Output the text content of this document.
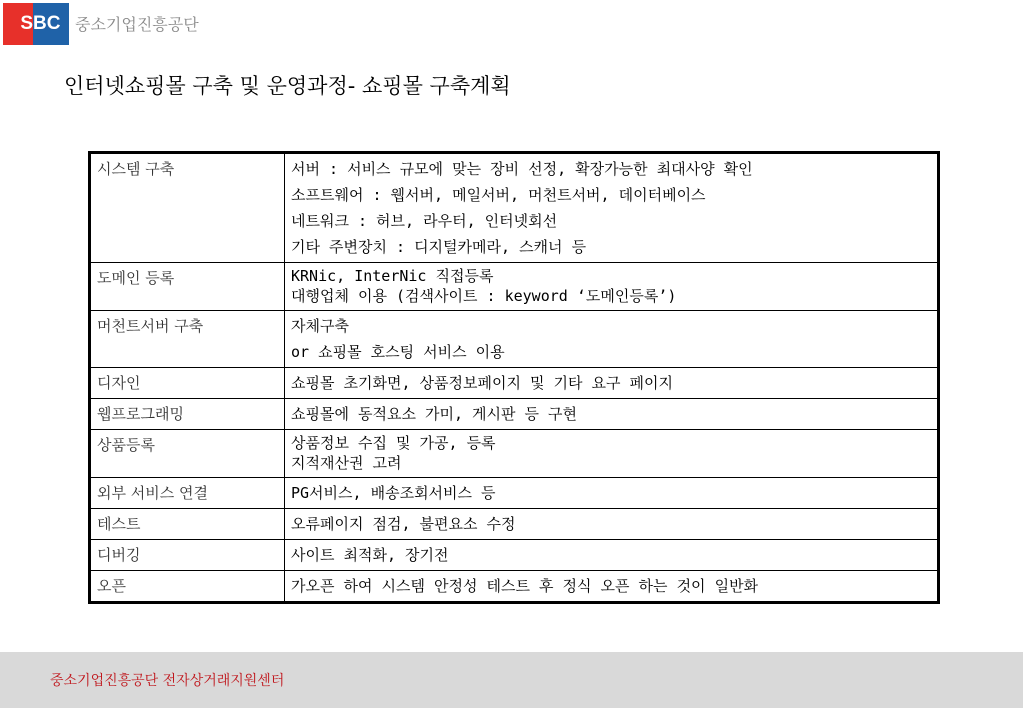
S BC 중소기업진흥공단
인터넷쇼핑몰 구축 및 운영과정- 쇼핑몰 구축계획
시스템 구축	서버 : 서비스 규모에 맞는 장비 선정, 확장가능한 최대사양 확인
소프트웨어 : 웹서버, 메일서버, 머천트서버, 데이터베이스
네트워크 : 허브, 라우터, 인터넷회선
기타 주변장치 : 디지털카메라, 스캐너 등

도메인 등록	KRNic, InterNic 직접등록
대행업체 이용 (검색사이트 : keyword ‘도메인등록’)

머천트서버 구축	자체구축
or 쇼핑몰 호스팅 서비스 이용

디자인	쇼핑몰 초기화면, 상품정보페이지 및 기타 요구 페이지

웹프로그래밍	쇼핑몰에 동적요소 가미, 게시판 등 구현

상품등록	상품정보 수집 및 가공, 등록
지적재산권 고려

외부 서비스 연결	PG서비스, 배송조회서비스 등

테스트	오류페이지 점검, 불편요소 수정

디버깅	사이트 최적화, 장기전

오픈	가오픈 하여 시스템 안정성 테스트 후 정식 오픈 하는 것이 일반화
중소기업진흥공단 전자상거래지원센터
